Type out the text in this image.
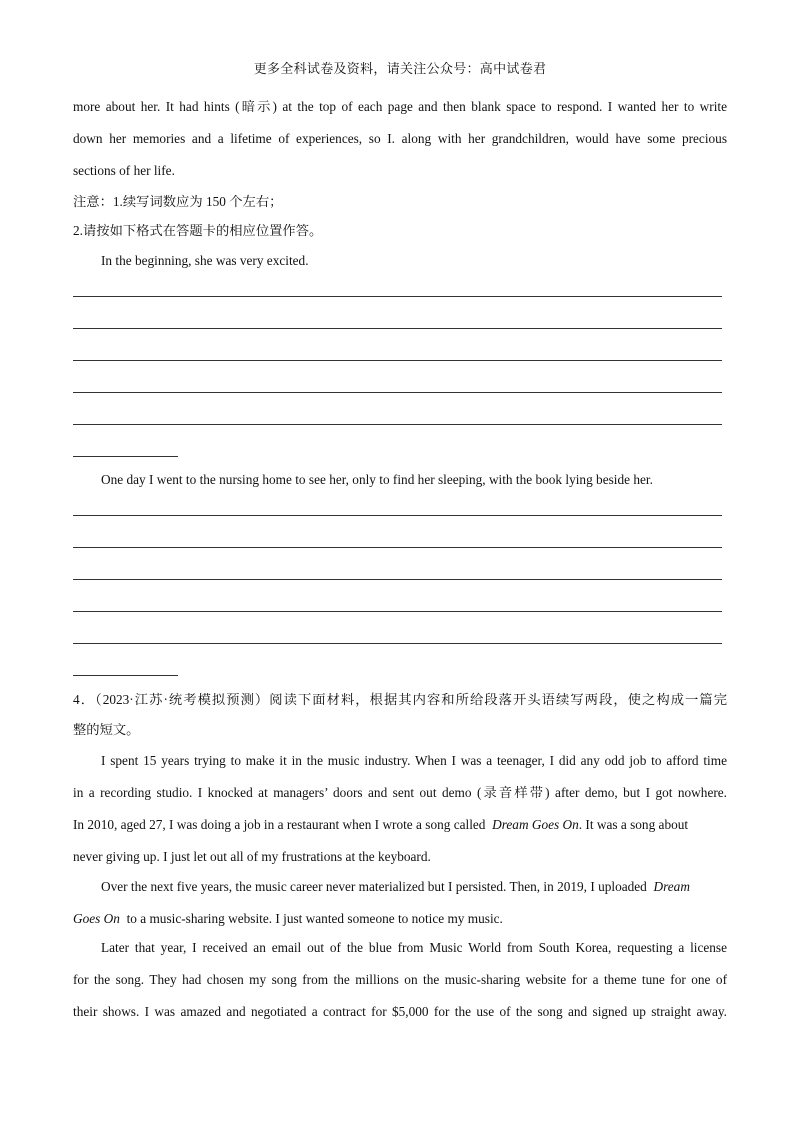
更多全科试卷及资料，请关注公众号：高中试卷君
more about her. It had hints (暗示) at the top of each page and then blank space to respond. I wanted her to write
down her memories and a lifetime of experiences, so I. along with her grandchildren, would have some precious
sections of her life.
注意：1.续写词数应为 150 个左右；
2.请按如下格式在答题卡的相应位置作答。
In the beginning, she was very excited.
One day I went to the nursing home to see her, only to find her sleeping, with the book lying beside her.
4．（2023·江苏·统考模拟预测）阅读下面材料，根据其内容和所给段落开头语续写两段，使之构成一篇完
整的短文。
I spent 15 years trying to make it in the music industry. When I was a teenager, I did any odd job to afford time
in a recording studio. I knocked at managers’ doors and sent out demo (录音样带) after demo, but I got nowhere.
In 2010, aged 27, I was doing a job in a restaurant when I wrote a song called Dream Goes On. It was a song about
never giving up. I just let out all of my frustrations at the keyboard.
Over the next five years, the music career never materialized but I persisted. Then, in 2019, I uploaded Dream
Goes On to a music-sharing website. I just wanted someone to notice my music.
Later that year, I received an email out of the blue from Music World from South Korea, requesting a license
for the song. They had chosen my song from the millions on the music-sharing website for a theme tune for one of
their shows. I was amazed and negotiated a contract for $5,000 for the use of the song and signed up straight away.
